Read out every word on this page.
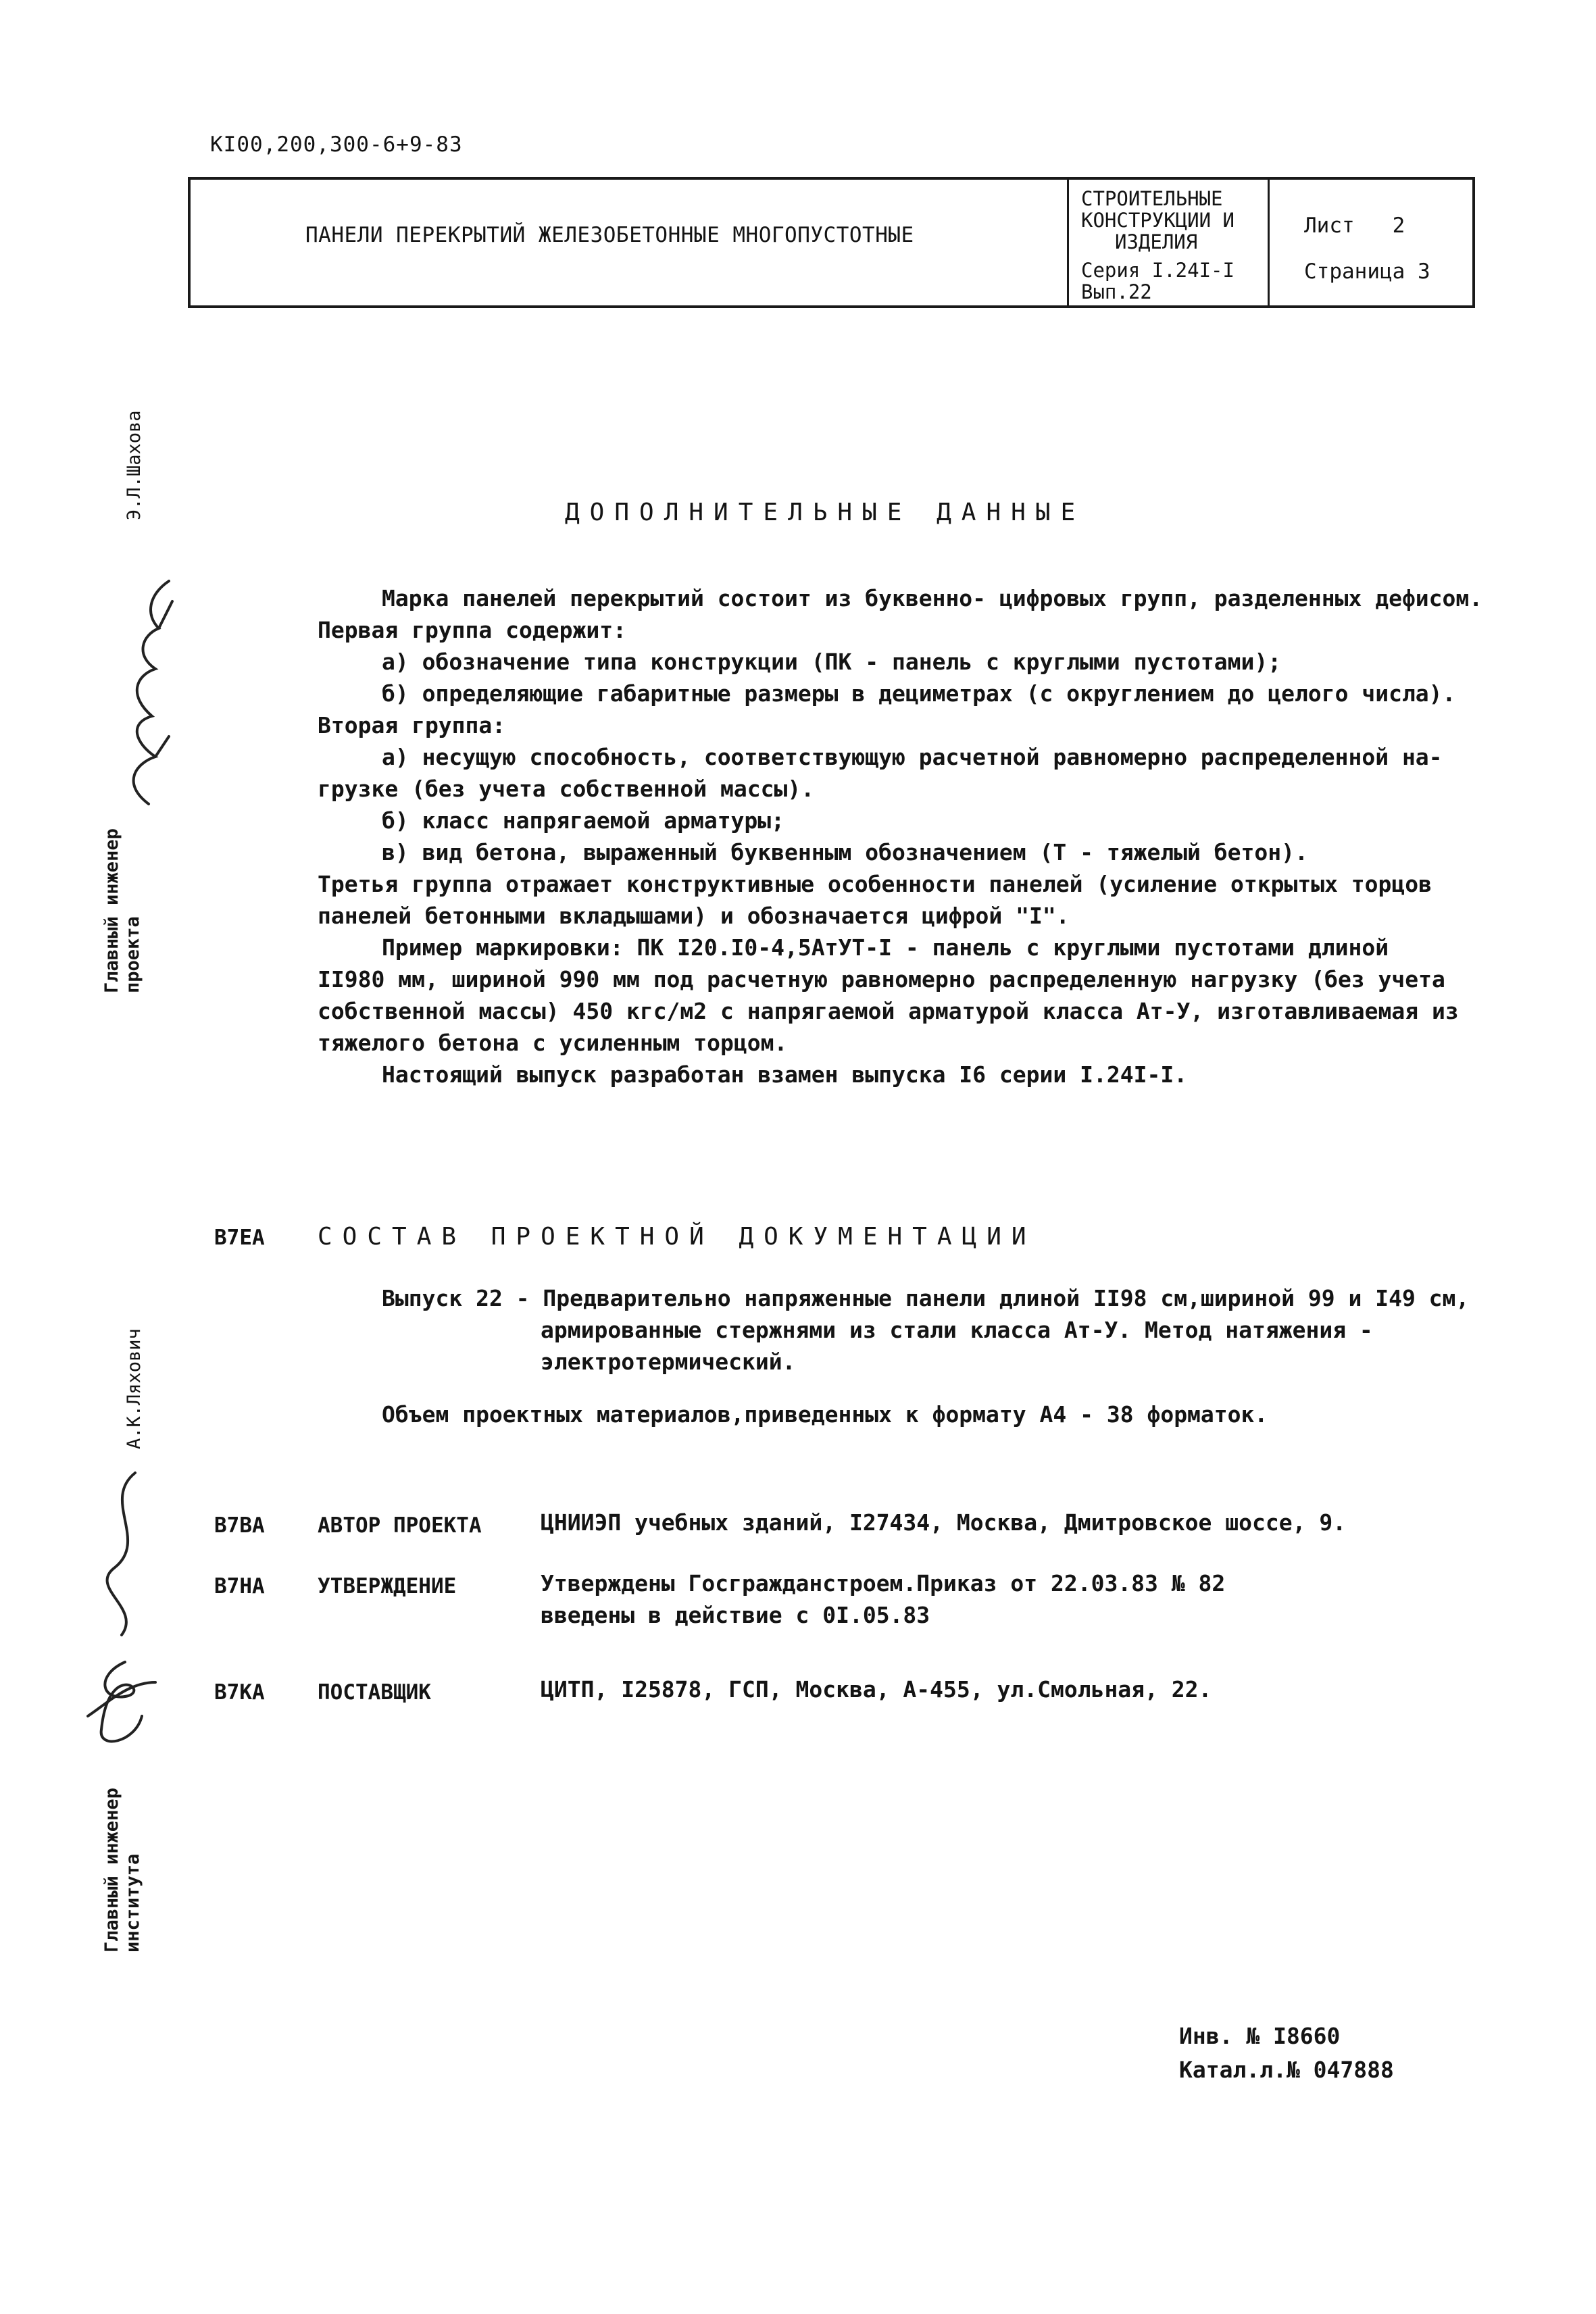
КI00,200,300-6+9-83
ПАНЕЛИ ПЕРЕКРЫТИЙ ЖЕЛЕЗОБЕТОННЫЕ МНОГОПУСТОТНЫЕ
СТРОИТЕЛЬНЫЕ
КОНСТРУКЦИИ И
ИЗДЕЛИЯ
Серия I.24I-I
Вып.22
Лист   2
Страница 3
Э.Л.Шахова
Главный инженер проекта
А.К.Ляхович
Главный инженер института
ДОПОЛНИТЕЛЬНЫЕ ДАННЫЕ
Марка панелей перекрытий состоит из буквенно- цифровых групп, разделенных дефисом.
Первая группа содержит:
а) обозначение типа конструкции (ПК - панель с круглыми пустотами);
б) определяющие габаритные размеры в дециметрах (с округлением до целого числа).
Вторая группа:
а) несущую способность, соответствующую расчетной равномерно распределенной на-
грузке (без учета собственной массы).
б) класс напрягаемой арматуры;
в) вид бетона, выраженный буквенным обозначением (Т - тяжелый бетон).
Третья группа отражает конструктивные особенности панелей (усиление открытых торцов
панелей бетонными вкладышами) и обозначается цифрой "I".
Пример маркировки: ПК I20.I0-4,5АтУТ-I - панель с круглыми пустотами длиной
II980 мм, шириной 990 мм под расчетную равномерно распределенную нагрузку (без учета
собственной массы) 450 кгс/м2 с напрягаемой арматурой класса Ат-У, изготавливаемая из
тяжелого бетона с усиленным торцом.
Настоящий выпуск разработан взамен выпуска I6 серии I.24I-I.
В7ЕА СОСТАВ ПРОЕКТНОЙ ДОКУМЕНТАЦИИ
Выпуск 22 - Предварительно напряженные панели длиной II98 см,шириной 99 и I49 см,
армированные стержнями из стали класса Ат-У. Метод натяжения -
электротермический.
Объем проектных материалов,приведенных к формату А4 - 38 форматок.
В7ВА	АВТОР ПРОЕКТА	ЦНИИЭП учебных зданий, I27434, Москва, Дмитровское шоссе, 9.
В7НА	УТВЕРЖДЕНИЕ	Утверждены Госгражданстроем.Приказ от 22.03.83 № 82
введены в действие с 0I.05.83
В7КА	ПОСТАВЩИК	ЦИТП, I25878, ГСП, Москва, А-455, ул.Смольная, 22.
Инв. № I8660
Катал.л.№ 047888
